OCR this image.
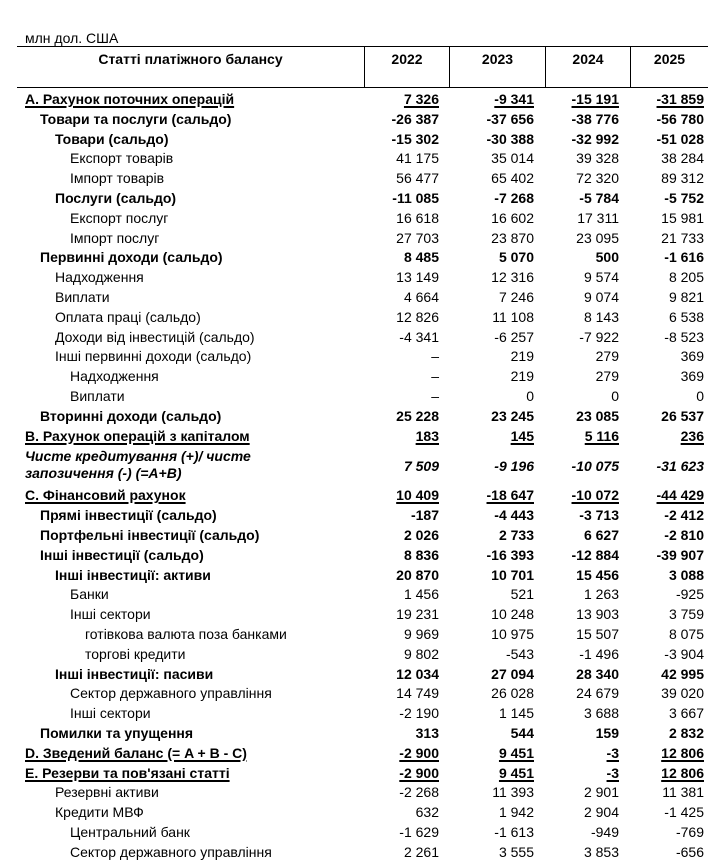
млн дол. США
Статті платіжного балансу	2022	2023	2024	2025
A. Рахунок поточних операцій	7 326	-9 341	-15 191	-31 859
Товари та послуги (сальдо)	-26 387	-37 656	-38 776	-56 780
Товари (сальдо)	-15 302	-30 388	-32 992	-51 028
Експорт товарів	41 175	35 014	39 328	38 284
Імпорт товарів	56 477	65 402	72 320	89 312
Послуги (сальдо)	-11 085	-7 268	-5 784	-5 752
Експорт послуг	16 618	16 602	17 311	15 981
Імпорт послуг	27 703	23 870	23 095	21 733
Первинні доходи (сальдо)	8 485	5 070	500	-1 616
Надходження	13 149	12 316	9 574	8 205
Виплати	4 664	7 246	9 074	9 821
Оплата праці (сальдо)	12 826	11 108	8 143	6 538
Доходи від інвестицій (сальдо)	-4 341	-6 257	-7 922	-8 523
Інші первинні доходи (сальдо)	–	219	279	369
Надходження	–	219	279	369
Виплати	–	0	0	0
Вторинні доходи (сальдо)	25 228	23 245	23 085	26 537
B. Рахунок операцій з капіталом	183	145	5 116	236
Чисте кредитування (+)/ чисте запозичення (-) (=A+B)	7 509	-9 196	-10 075	-31 623
C. Фінансовий рахунок	10 409	-18 647	-10 072	-44 429
Прямі інвестиції (сальдо)	-187	-4 443	-3 713	-2 412
Портфельні інвестиції (сальдо)	2 026	2 733	6 627	-2 810
Інші інвестиції (сальдо)	8 836	-16 393	-12 884	-39 907
Інші інвестиції: активи	20 870	10 701	15 456	3 088
Банки	1 456	521	1 263	-925
Інші сектори	19 231	10 248	13 903	3 759
готівкова валюта поза банками	9 969	10 975	15 507	8 075
торгові кредити	9 802	-543	-1 496	-3 904
Інші інвестиції: пасиви	12 034	27 094	28 340	42 995
Сектор державного управління	14 749	26 028	24 679	39 020
Інші сектори	-2 190	1 145	3 688	3 667
Помилки та упущення	313	544	159	2 832
D. Зведений баланс (= A + B - C)	-2 900	9 451	-3	12 806
E. Резерви та пов'язані статті	-2 900	9 451	-3	12 806
Резервні активи	-2 268	11 393	2 901	11 381
Кредити МВФ	632	1 942	2 904	-1 425
Центральний банк	-1 629	-1 613	-949	-769
Сектор державного управління	2 261	3 555	3 853	-656
